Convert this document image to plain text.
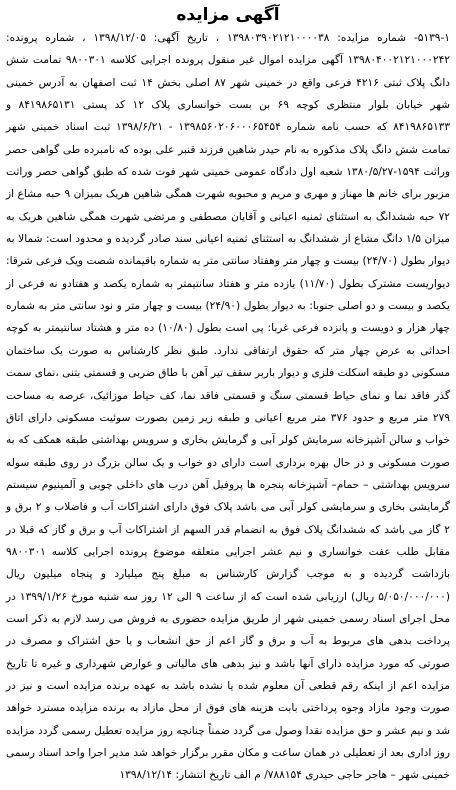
آگهی مزایده

۵۱۳۹-۱- شماره مزایده: ۱۳۹۸۰۳۹۰۲۱۲۱۰۰۰۰۳۸ ، تاریخ آگهی: ۱۳۹۸/۱۲/۰۵ ، شماره پرونده: ۱۳۹۸۰۴۰۰۲۱۲۱۰۰۰۲۴۲ آگهی مزایده اموال غیر منقول پرونده اجرایی کلاسه ۹۸۰۰۳۰۱ تمامت شش دانگ پلاک ثبتی ۴۲۱۶ فرعی واقع در خمینی شهر ۸۷ اصلی بخش ۱۴ ثبت اصفهان به آدرس خمینی شهر خیابان بلوار منتظری کوچه ۶۹ بن بست خوانساری پلاک ۱۲ کد پستی ۸۴۱۹۸۶۵۱۳۱ و ۸۴۱۹۸۶۵۱۳۳ که حسب نامه شماره ۱۳۹۸۵۶۰۲۰۶۰۰۰۶۵۴۵۴ - ۱۳۹۸/۶/۲۱ ثبت اسناد خمینی شهر تمامت شش دانگ پلاک مذکوره به نام حیدر شاهین فرزند قنبر علی بوده که نامبرده طی گواهی حصر وراثت ۱۵۹۴-۱۳۸۰/۵/۲۷ شعبه اول دادگاه عمومی خمینی شهر فوت شده که طبق گواهی حصر وراثت مزبور برای خانم ها مهناز و مهری و مریم و محبوبه شهرت همگی شاهین هریک بمیزان ۹ حبه مشاع از ۷۲ حبه ششدانگ به استثنای ثمنیه اعیانی و آقایان مصطفی و مرتضی شهرت همگی شاهین هریک به میزان ۱/۵ دانگ مشاع از ششدانگ به استثنای ثمنیه اعیانی سند صادر گردیده و محدود است: شمالا به دیوار بطول (۲۴/۷۰) بیست و چهار متر وهفتاد سانتی متر به شماره باقیمانده شصت ویک فرعی شرقا: دیواریست مشترک بطول (۱۱/۷۰) یازده متر و هفتاد سانتیمتر به شماره یکصد و هفتادو نه فرعی از یکصد و بیست و دو اصلی جنوبا: به دیوار بطول (۲۴/۹۰) بیست و چهار متر و نود سانتی متر به شماره چهار هزار و دویست و پانزده فرعی غربا: پی است بطول (۱۰/۸۰) ده متر و هشتاد سانتیمتر به کوچه احداثی به عرض چهار متر که حقوق ارتفاقی ندارد. طبق نظر کارشناس به صورت یک ساختمان مسکونی دو طبقه اسکلت فلزی و دیوار باربر سقف تیر آهن با طاق ضربی و قسمتی بتنی ،نمای سمت گذر فاقد نما و نمای حیاط قسمتی سنگ و قسمتی فاقد نما، کف حیاط موزائیک، عرصه به مساحت ۲۷۹ متر مربع و حدود ۳۷۶ متر مربع اعیانی و طبقه زیر زمین بصورت سوئیت مسکونی دارای اتاق خواب و سالن آشپزخانه سرمایش کولر آبی و گرمایش بخاری و سرویس بهداشتی طبقه همکف که به صورت مسکونی و در حال بهره برداری است دارای دو خواب و یک سالن بزرگ در روی طبقه سوله سرویس بهداشتی – حمام– آشپزخانه پنجره ها پروفیل آهن درب های داخلی چوبی و آلمینیوم سیستم گرمایشی بخاری و سرمایشی کولر آبی می باشد پلاک فوق دارای اشتراکات آب و فاضلاب و ۲ برق و ۲ گاز می باشد که ششدانگ پلاک فوق به انضمام قدر السهم از اشتراکات آب و برق و گاز که قبلا در مقابل طلب عفت خوانساری و نیم عشر اجرایی متعلقه موضوع پرونده اجرایی کلاسه ۹۸۰۰۳۰۱ بازداشت گردیده و به موجب گزارش کارشناس به مبلغ پنج میلیارد و پنجاه میلیون ریال (۵/۰۵۰/۰۰۰/۰۰۰ ریال) ارزیابی شده است که از ساعت ۹ الی ۱۲ روز سه شنبه مورخ ۱۳۹۹/۱/۲۶ در محل اجرای اسناد رسمی خمینی شهر از طریق مزایده حضوری به فروش می رسد لازم به ذکر است پرداخت بدهی های مربوط به آب و برق و گاز اعم از حق انشعاب و یا حق اشتراک و مصرف در صورتی که مورد مزایده دارای آنها باشد و نیز بدهی های مالیاتی و عوارض شهرداری و غیره تا تاریخ مزایده اعم از اینکه رقم قطعی آن معلوم شده یا نشده باشد به عهده برنده مزایده است و نیز در صورت وجود مازاد وجوه پرداختی بابت هزینه های فوق از محل مازاد به برنده مزایده مسترد خواهد شد و نیم عشر و حق مزایده نقدا وصول می گردد ضمناً چنانچه روز مزایده تعطیل رسمی گردد مزایده روز اداری بعد از تعطیلی در همان ساعت و مکان مقرر برگزار خواهد شد مدیر اجرا واحد اسناد رسمی خمینی شهر – هاجر حاجی حیدری ۷۸۸۱۵۴/ م الف تاریخ انتشار: ۱۳۹۸/۱۲/۱۴
